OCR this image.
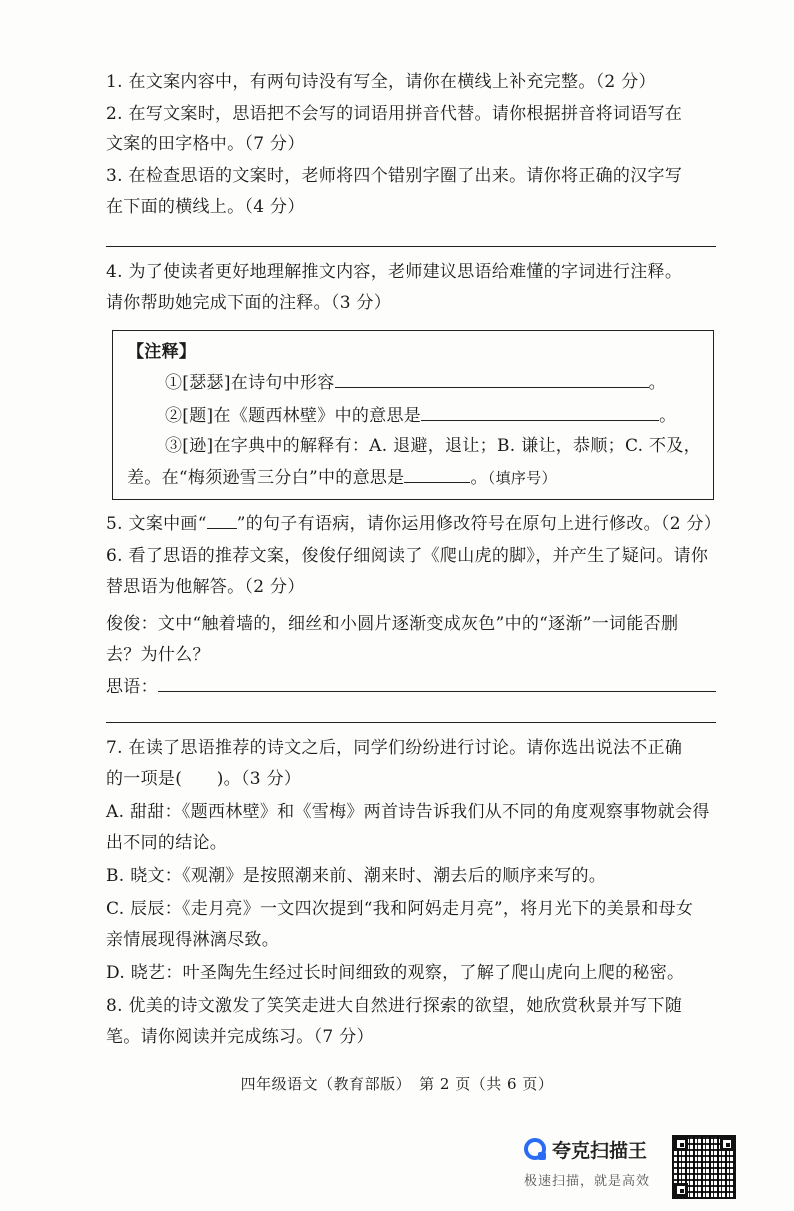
1. 在文案内容中，有两句诗没有写全，请你在横线上补充完整。（2 分）
2. 在写文案时，思语把不会写的词语用拼音代替。请你根据拼音将词语写在
文案的田字格中。（7 分）
3. 在检查思语的文案时，老师将四个错别字圈了出来。请你将正确的汉字写
在下面的横线上。（4 分）
4. 为了使读者更好地理解推文内容，老师建议思语给难懂的字词进行注释。
请你帮助她完成下面的注释。（3 分）
【注释】
①[瑟瑟]在诗句中形容	。
②[题]在《题西林壁》中的意思是	。
③[逊]在字典中的解释有：A. 退避，退让；B. 谦让，恭顺；C. 不及，
差。在“梅须逊雪三分白”中的意思是	。（填序号）
5. 文案中画“ ”的句子有语病，请你运用修改符号在原句上进行修改。（2 分）
6. 看了思语的推荐文案，俊俊仔细阅读了《爬山虎的脚》，并产生了疑问。请你
替思语为他解答。（2 分）
俊俊：文中“触着墙的，细丝和小圆片逐渐变成灰色”中的“逐渐”一词能否删
去？为什么？
思语：
7. 在读了思语推荐的诗文之后，同学们纷纷进行讨论。请你选出说法不正确
的一项是(　　)。（3 分）
A. 甜甜：《题西林壁》和《雪梅》两首诗告诉我们从不同的角度观察事物就会得
出不同的结论。
B. 晓文：《观潮》是按照潮来前、潮来时、潮去后的顺序来写的。
C. 辰辰：《走月亮》一文四次提到“我和阿妈走月亮”，将月光下的美景和母女
亲情展现得淋漓尽致。
D. 晓艺：叶圣陶先生经过长时间细致的观察，了解了爬山虎向上爬的秘密。
8. 优美的诗文激发了笑笑走进大自然进行探索的欲望，她欣赏秋景并写下随
笔。请你阅读并完成练习。（7 分）
四年级语文（教育部版）　第 2 页（共 6 页）
夸克扫描王
极速扫描，就是高效
